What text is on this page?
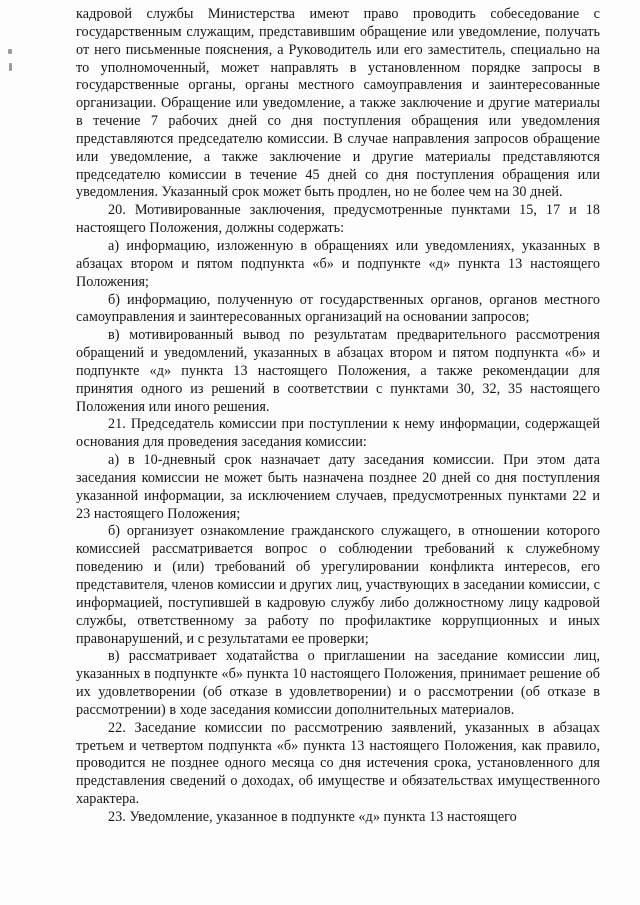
кадровой службы Министерства имеют право проводить собеседование с государственным служащим, представившим обращение или уведомление, получать от него письменные пояснения, а Руководитель или его заместитель, специально на то уполномоченный, может направлять в установленном порядке запросы в государственные органы, органы местного самоуправления и заинтересованные организации. Обращение или уведомление, а также заключение и другие материалы в течение 7 рабочих дней со дня поступления обращения или уведомления представляются председателю комиссии. В случае направления запросов обращение или уведомление, а также заключение и другие материалы представляются председателю комиссии в течение 45 дней со дня поступления обращения или уведомления. Указанный срок может быть продлен, но не более чем на 30 дней.

20. Мотивированные заключения, предусмотренные пунктами 15, 17 и 18 настоящего Положения, должны содержать:

а) информацию, изложенную в обращениях или уведомлениях, указанных в абзацах втором и пятом подпункта «б» и подпункте «д» пункта 13 настоящего Положения;

б) информацию, полученную от государственных органов, органов местного самоуправления и заинтересованных организаций на основании запросов;

в) мотивированный вывод по результатам предварительного рассмотрения обращений и уведомлений, указанных в абзацах втором и пятом подпункта «б» и подпункте «д» пункта 13 настоящего Положения, а также рекомендации для принятия одного из решений в соответствии с пунктами 30, 32, 35 настоящего Положения или иного решения.

21. Председатель комиссии при поступлении к нему информации, содержащей основания для проведения заседания комиссии:

а) в 10-дневный срок назначает дату заседания комиссии. При этом дата заседания комиссии не может быть назначена позднее 20 дней со дня поступления указанной информации, за исключением случаев, предусмотренных пунктами 22 и 23 настоящего Положения;

б) организует ознакомление гражданского служащего, в отношении которого комиссией рассматривается вопрос о соблюдении требований к служебному поведению и (или) требований об урегулировании конфликта интересов, его представителя, членов комиссии и других лиц, участвующих в заседании комиссии, с информацией, поступившей в кадровую службу либо должностному лицу кадровой службы, ответственному за работу по профилактике коррупционных и иных правонарушений, и с результатами ее проверки;

в) рассматривает ходатайства о приглашении на заседание комиссии лиц, указанных в подпункте «б» пункта 10 настоящего Положения, принимает решение об их удовлетворении (об отказе в удовлетворении) и о рассмотрении (об отказе в рассмотрении) в ходе заседания комиссии дополнительных материалов.

22. Заседание комиссии по рассмотрению заявлений, указанных в абзацах третьем и четвертом подпункта «б» пункта 13 настоящего Положения, как правило, проводится не позднее одного месяца со дня истечения срока, установленного для представления сведений о доходах, об имуществе и обязательствах имущественного характера.

23. Уведомление, указанное в подпункте «д» пункта 13 настоящего
